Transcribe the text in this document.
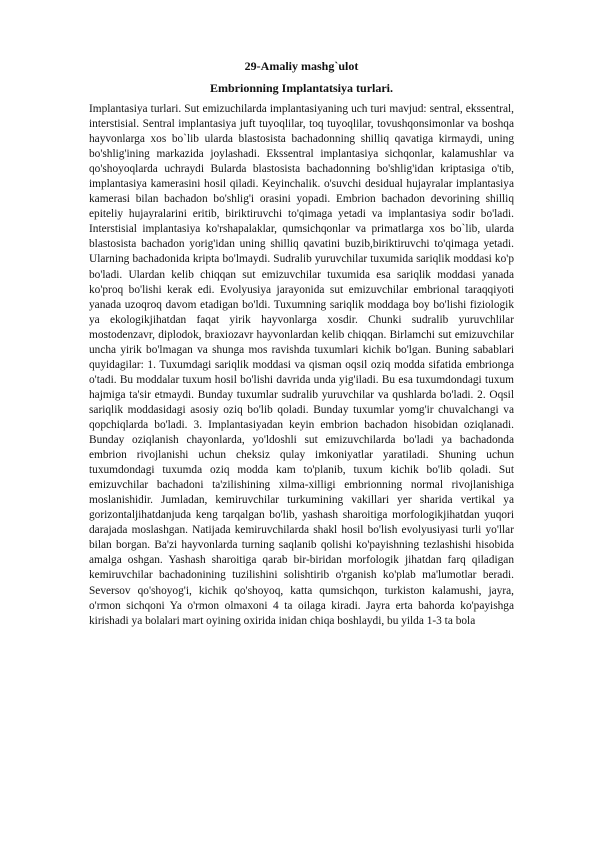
29-Amaliy mashg`ulot

Embrionning Implantatsiya turlari.

Implantasiya turlari. Sut emizuchilarda implantasiyaning uch turi mavjud: sentral, ekssentral, interstisial. Sentral implantasiya juft tuyoqlilar, toq tuyoqlilar, tovushqonsimonlar va boshqa hayvonlarga xos bo`lib ularda blastosista bachadonning shilliq qavatiga kirmaydi, uning bo'shlig'ining markazida joylashadi. Ekssentral implantasiya sichqonlar, kalamushlar va qo'shoyoqlarda uchraydi Bularda blastosista bachadonning bo'shlig'idan kriptasiga o'tib, implantasiya kamerasini hosil qiladi. Keyinchalik. o'suvchi desidual hujayralar implantasiya kamerasi bilan bachadon bo'shlig'i orasini yopadi. Embrion bachadon devorining shilliq epiteliy hujayralarini eritib, biriktiruvchi to'qimaga yetadi va implantasiya sodir bo'ladi. Interstisial implantasiya ko'rshapalaklar, qumsichqonlar va primatlarga xos bo`lib, ularda blastosista bachadon yorig'idan uning shilliq qavatini buzib,biriktiruvchi to'qimaga yetadi. Ularning bachadonida kripta bo'lmaydi. Sudralib yuruvchilar tuxumida sariqlik moddasi ko'p bo'ladi. Ulardan kelib chiqqan sut emizuvchilar tuxumida esa sariqlik moddasi yanada ko'proq bo'lishi kerak edi. Evolyusiya jarayonida sut emizuvchilar embrional taraqqiyoti yanada uzoqroq davom etadigan bo'ldi. Tuxumning sariqlik moddaga boy bo'lishi fiziologik ya ekologikjihatdan faqat yirik hayvonlarga xosdir. Chunki sudralib yuruvchlilar mostodenzavr, diplodok, braxiozavr hayvonlardan kelib chiqqan. Birlamchi sut emizuvchilar uncha yirik bo'lmagan va shunga mos ravishda tuxumlari kichik bo'lgan. Buning sabablari quyidagilar: 1. Tuxumdagi sariqlik moddasi va qisman oqsil oziq modda sifatida embrionga o'tadi. Bu moddalar tuxum hosil bo'lishi davrida unda yig'iladi. Bu esa tuxumdondagi tuxum hajmiga ta'sir etmaydi. Bunday tuxumlar sudralib yuruvchilar va qushlarda bo'ladi. 2. Oqsil sariqlik moddasidagi asosiy oziq bo'lib qoladi. Bunday tuxumlar yomg'ir chuvalchangi va qopchiqlarda bo'ladi. 3. Implantasiyadan keyin embrion bachadon hisobidan oziqlanadi. Bunday oziqlanish chayonlarda, yo'ldoshli sut emizuvchilarda bo'ladi ya bachadonda embrion rivojlanishi uchun cheksiz qulay imkoniyatlar yaratiladi. Shuning uchun tuxumdondagi tuxumda oziq modda kam to'planib, tuxum kichik bo'lib qoladi. Sut emizuvchilar bachadoni ta'zilishining xilma-xilligi embrionning normal rivojlanishiga moslanishidir. Jumladan, kemiruvchilar turkumining vakillari yer sharida vertikal ya gorizontaljihatdanjuda keng tarqalgan bo'lib, yashash sharoitiga morfologikjihatdan yuqori darajada moslashgan. Natijada kemiruvchilarda shakl hosil bo'lish evolyusiyasi turli yo'llar bilan borgan. Ba'zi hayvonlarda turning saqlanib qolishi ko'payishning tezlashishi hisobida amalga oshgan. Yashash sharoitiga qarab bir-biridan morfologik jihatdan farq qiladigan kemiruvchilar bachadonining tuzilishini solishtirib o'rganish ko'plab ma'lumotlar beradi. Seversov qo'shoyog'i, kichik qo'shoyoq, katta qumsichqon, turkiston kalamushi, jayra, o'rmon sichqoni Ya o'rmon olmaxoni 4 ta oilaga kiradi. Jayra erta bahorda ko'payishga kirishadi ya bolalari mart oyining oxirida inidan chiqa boshlaydi, bu yilda 1-3 ta bola
